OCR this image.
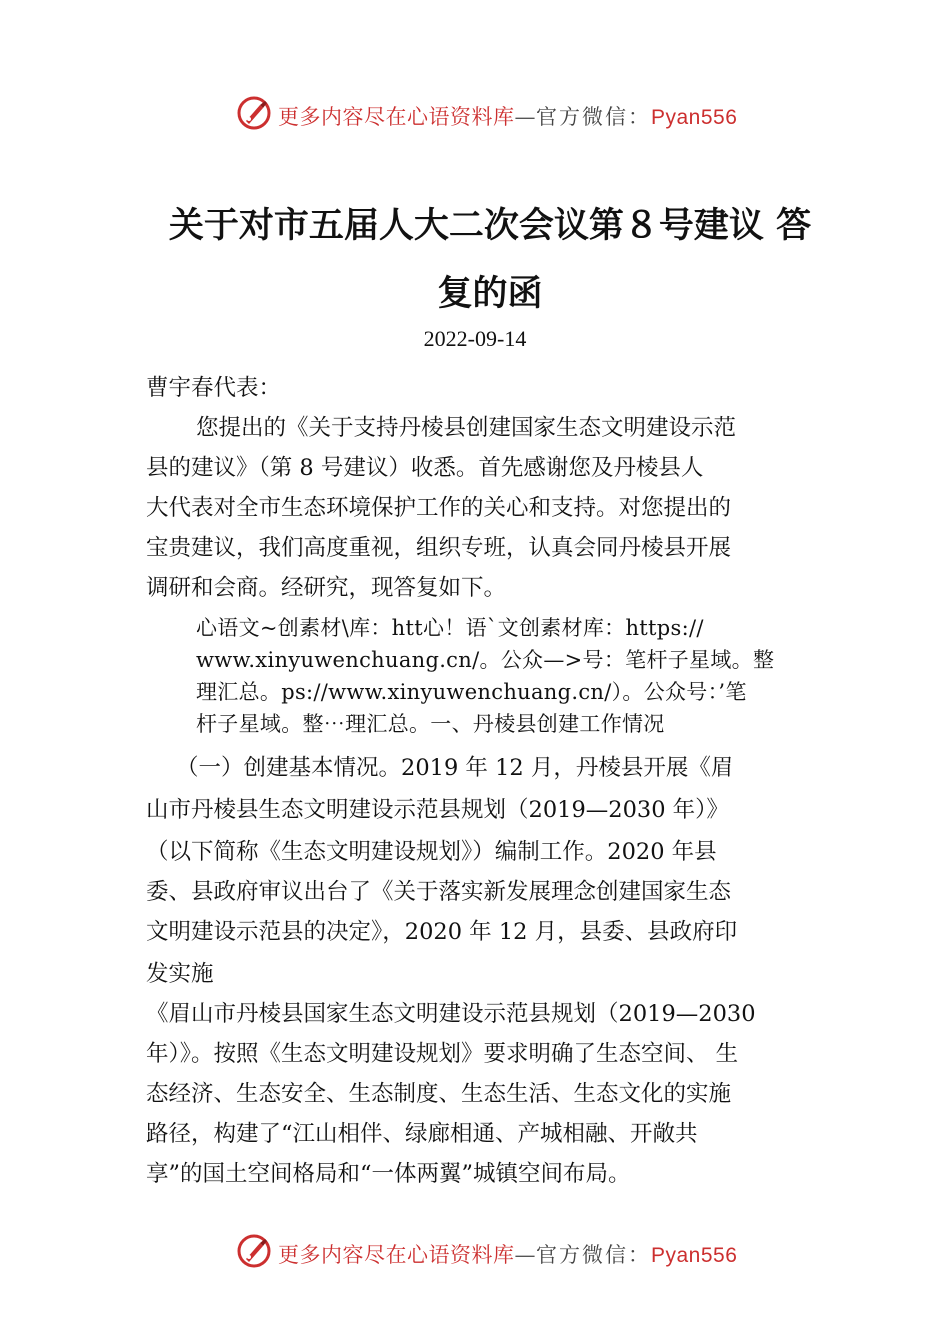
更多内容尽在心语资料库—官方微信：Pyan556
关于对市五届人大二次会议第８号建议 答
复的函
2022-09-14
曹宇春代表：
您提出的《关于支持丹棱县创建国家生态文明建设示范
县的建议》（第 8 号建议）收悉。首先感谢您及丹棱县人
大代表对全市生态环境保护工作的关心和支持。对您提出的
宝贵建议，我们高度重视，组织专班，认真会同丹棱县开展
调研和会商。经研究，现答复如下。
心语文~创素材\库：htt心！语`文创素材库：https://
www.xinyuwenchuang.cn/。公众—>号：笔杆子星域。整
理汇总。ps://www.xinyuwenchuang.cn/）。公众号：’笔
杆子星域。整⋯理汇总。一、丹棱县创建工作情况
（一）创建基本情况。2019 年 12 月，丹棱县开展《眉
山市丹棱县生态文明建设示范县规划（2019—2030 年）》
（以下简称《生态文明建设规划》）编制工作。2020 年县
委、县政府审议出台了《关于落实新发展理念创建国家生态
文明建设示范县的决定》，2020 年 12 月，县委、县政府印
发实施
《眉山市丹棱县国家生态文明建设示范县规划（2019—2030
年）》。按照《生态文明建设规划》要求明确了生态空间、 生
态经济、生态安全、生态制度、生态生活、生态文化的实施
路径，构建了“江山相伴、绿廊相通、产城相融、开敞共
享”的国土空间格局和“一体两翼”城镇空间布局。
更多内容尽在心语资料库—官方微信：Pyan556
